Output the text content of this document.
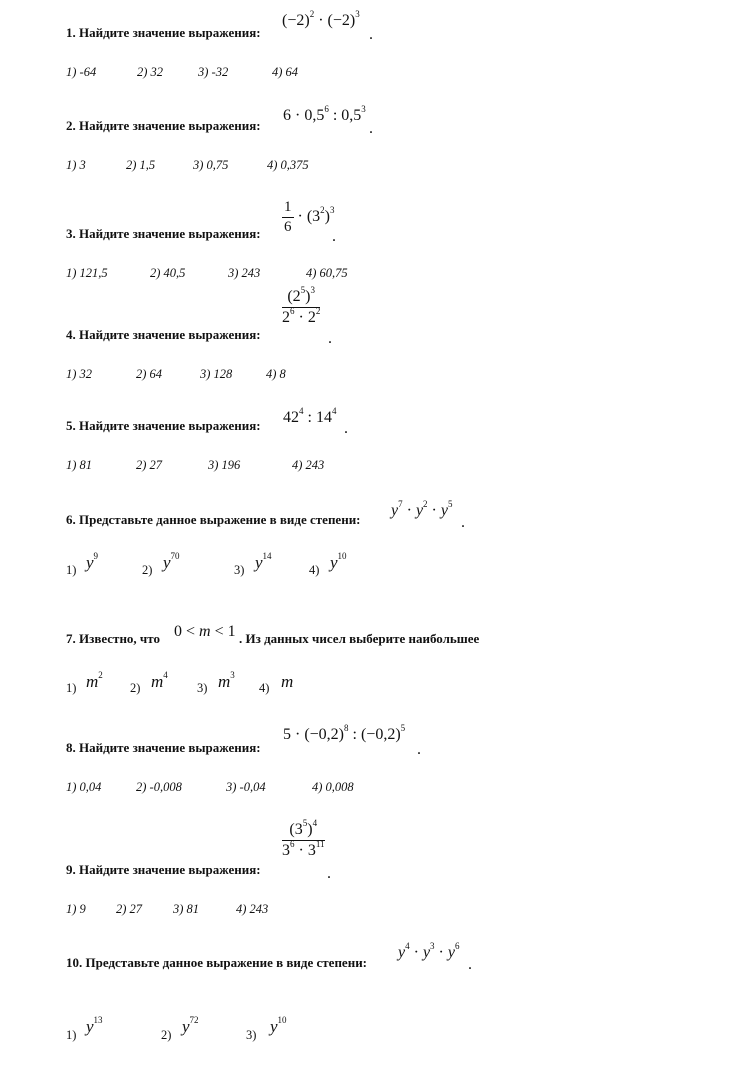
1. Найдите значение выражения:
$(-2)^2 \cdot (-2)^3$
.
1) -64	2) 32	3) -32	4) 64
2. Найдите значение выражения:
$6 \cdot 0,5^6$ : $0,5^3$
.
1) 3	2) 1,5	3) 0,75	4) 0,375
3. Найдите значение выражения: $\frac{1}{6} \cdot (3^2)^3$
.
1) 121,5	2) 40,5	3) 243	4) 60,75
4. Найдите значение выражения:
$\frac{(2^5)^3}{2^6 \cdot 2^2}$
.
1) 32	2) 64	3) 128	4) 8
5. Найдите значение выражения: $42^4$ : $14^4$
.
1) 81	2) 27	3) 196	4) 243
6. Представьте данное выражение в виде степени:
$y^7 \cdot y^2 \cdot y^5$
.
1) $y^9$
2) $y^{70}$
3) $y^{14}$
4) $y^{10}$
7. Известно, что 0 < m < 1 . Из данных чисел выберите наибольшее
1) $m^2$
2) $m^4$
3) $m^3$
4) m
8. Найдите значение выражения:
$5 \cdot (-0,2)^8$ : $(-0,2)^5$
.
1) 0,04	2) -0,008	3) -0,04	4) 0,008
9. Найдите значение выражения:
$\frac{(3^5)^4}{3^6 \cdot 3^{11}}$
.
1) 9 2) 27 3) 81	4) 243
10. Представьте данное выражение в виде степени:
$y^4 \cdot y^3 \cdot y^6$
.
1) $y^{13}$
2) $y^{72}$
3) $y^{10}$
